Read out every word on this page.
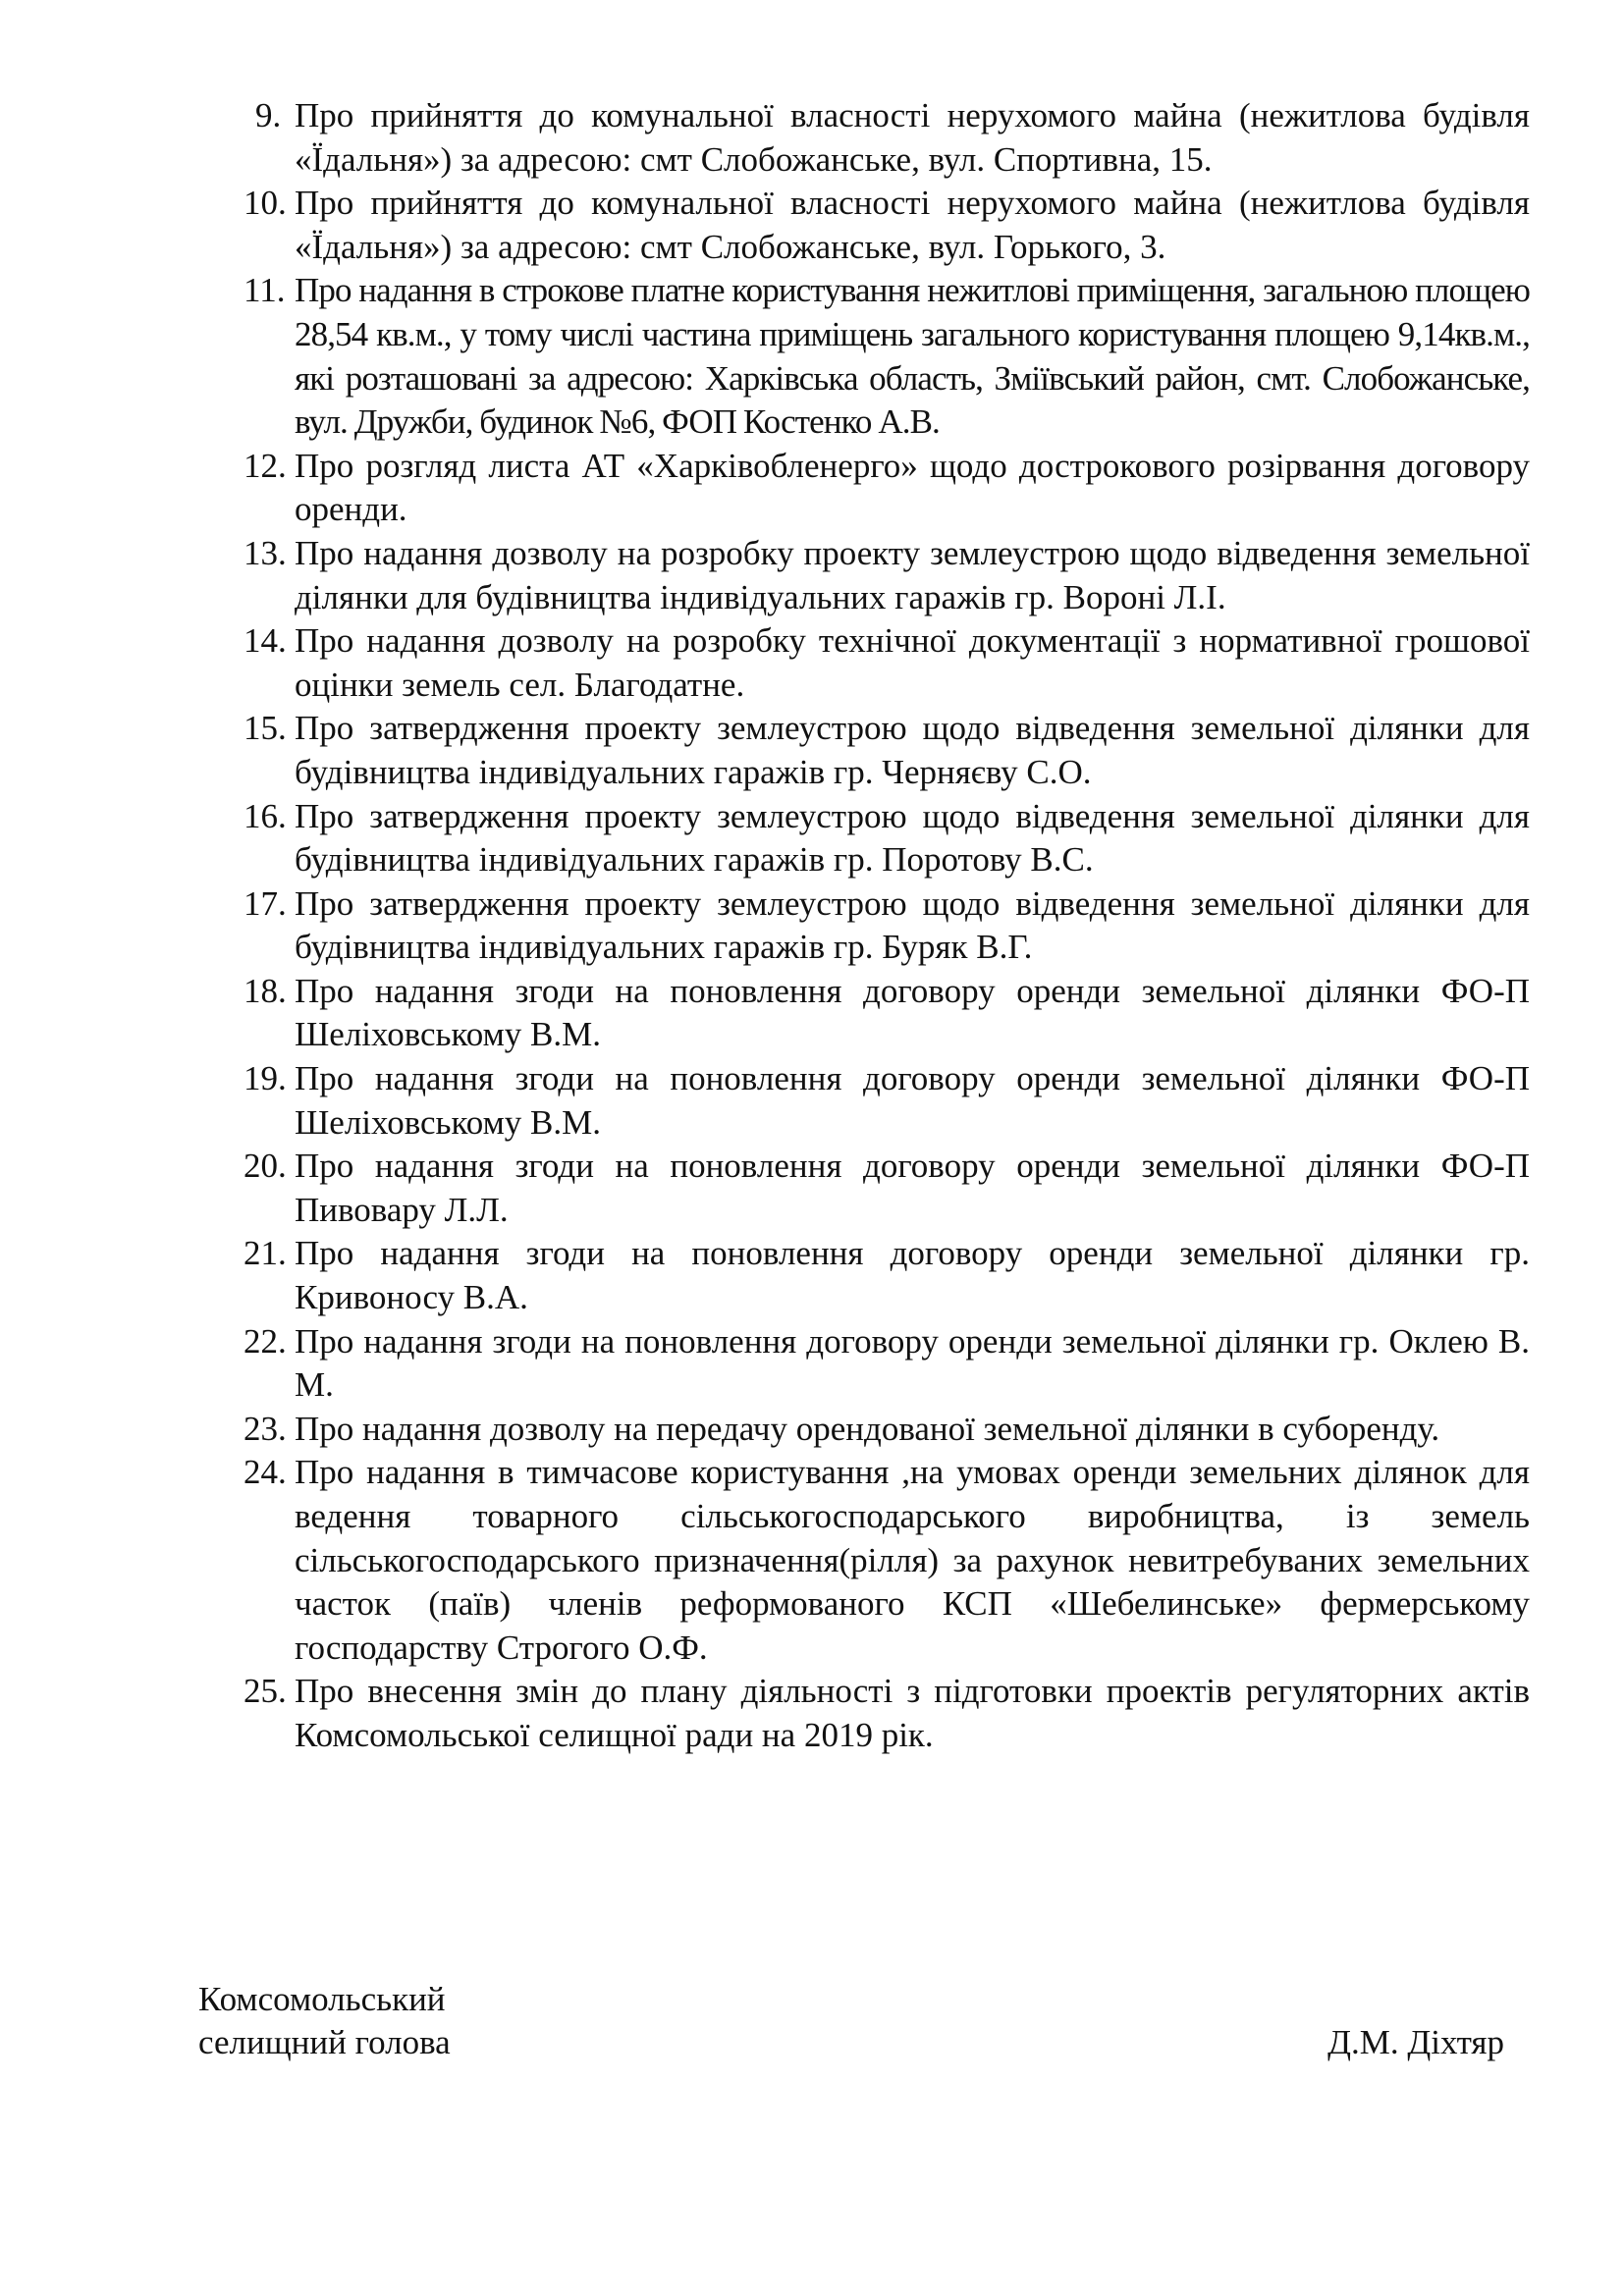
9. Про прийняття до комунальної власності нерухомого майна (нежитлова будівля «Їдальня») за адресою: смт Слобожанське, вул. Спортивна, 15.
10. Про прийняття до комунальної власності нерухомого майна (нежитлова будівля «Їдальня») за адресою: смт Слобожанське, вул. Горького, 3.
11. Про надання в строкове платне користування нежитлові приміщення, загальною площею 28,54 кв.м., у тому числі частина приміщень загального користування площею 9,14кв.м., які розташовані за адресою: Харківська область, Зміївський район, смт. Слобожанське, вул. Дружби, будинок №6, ФОП Костенко А.В.
12. Про розгляд листа АТ «Харківобленерго» щодо дострокового розірвання договору оренди.
13. Про надання дозволу на розробку проекту землеустрою щодо відведення земельної ділянки для будівництва індивідуальних гаражів гр. Вороні Л.І.
14. Про надання дозволу на розробку технічної документації з нормативної грошової оцінки земель сел. Благодатне.
15. Про затвердження проекту землеустрою щодо відведення земельної ділянки для будівництва індивідуальних гаражів гр. Черняєву С.О.
16. Про затвердження проекту землеустрою щодо відведення земельної ділянки для будівництва індивідуальних гаражів гр. Поротову В.С.
17. Про затвердження проекту землеустрою щодо відведення земельної ділянки для будівництва індивідуальних гаражів гр. Буряк В.Г.
18. Про надання згоди на поновлення договору оренди земельної ділянки ФО-П Шеліховському В.М.
19. Про надання згоди на поновлення договору оренди земельної ділянки ФО-П Шеліховському В.М.
20. Про надання згоди на поновлення договору оренди земельної ділянки ФО-П Пивовару Л.Л.
21. Про надання згоди на поновлення договору оренди земельної ділянки гр. Кривоносу В.А.
22. Про надання згоди на поновлення договору оренди земельної ділянки гр. Оклею В. М.
23. Про надання дозволу на передачу орендованої земельної ділянки в суборенду.
24. Про надання в тимчасове користування ,на умовах оренди земельних ділянок для ведення товарного сільськогосподарського виробництва, із земель сільськогосподарського призначення(рілля) за рахунок невитребуваних земельних часток (паїв) членів реформованого КСП «Шебелинське» фермерському господарству Строгого О.Ф.
25. Про внесення змін до плану діяльності з підготовки проектів регуляторних актів Комсомольської селищної ради на 2019 рік.
Комсомольський
селищний голова	Д.М. Діхтяр
